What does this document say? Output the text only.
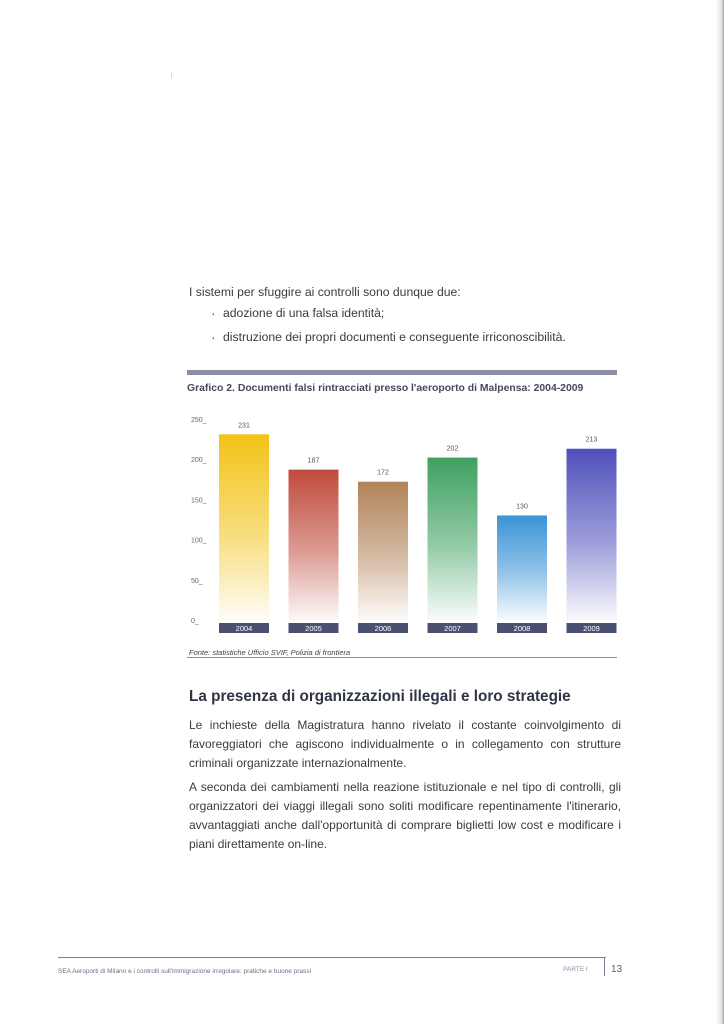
I sistemi per sfuggire ai controlli sono dunque due:

· adozione di una falsa identità;
· distruzione dei propri documenti e conseguente irriconoscibilità.
Grafico 2. Documenti falsi rintracciati presso l'aeroporto di Malpensa: 2004-2009
0_
50_
100_
150_
200_
250_
231
2004
187
2005
172
2006
202
2007
130
2008
213
2009
Fonte: statistiche Ufficio SVIF, Polizia di frontiera
La presenza di organizzazioni illegali e loro strategie

Le inchieste della Magistratura hanno rivelato il costante coinvolgimento di favoreggiatori che agiscono individualmente o in collegamento con strutture criminali organizzate internazionalmente.

A seconda dei cambiamenti nella reazione istituzionale e nel tipo di controlli, gli organizzatori dei viaggi illegali sono soliti modificare repentinamente l'itinerario, avvantaggiati anche dall'opportunità di comprare biglietti low cost e modificare i piani direttamente on-line.

SEA Aeroporti di Milano e i controlli sull'immigrazione irregolare: pratiche e buone prassi	PARTE I 13
